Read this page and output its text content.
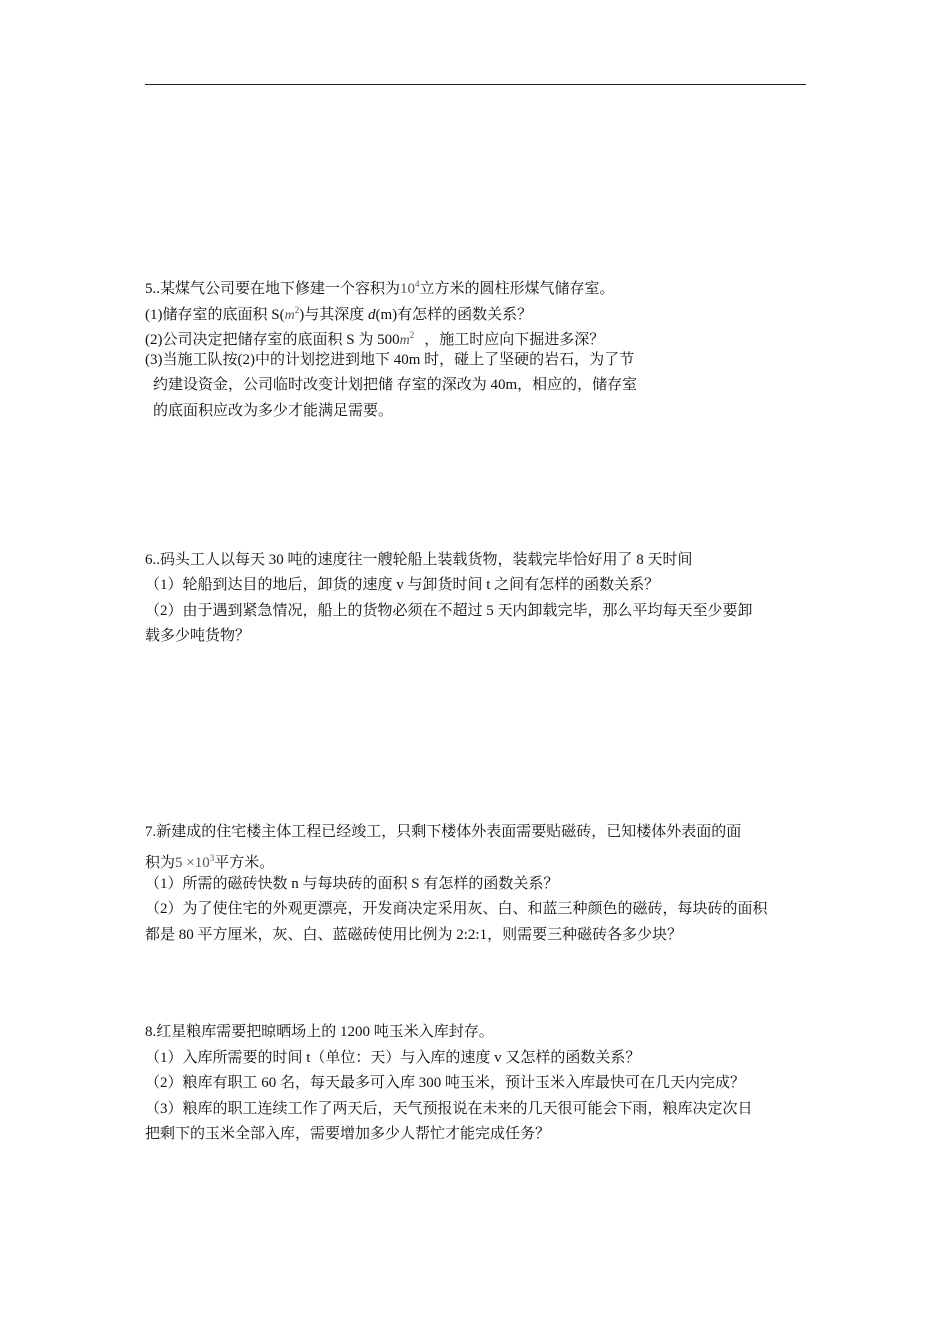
5..某煤气公司要在地下修建一个容积为$10^4$立方米的圆柱形煤气储存室。
(1)储存室的底面积 $S(m^2)$与其深度 d(m)有怎样的函数关系？
(2)公司决定把储存室的底面积 S 为 $500m^2$ ，施工时应向下掘进多深？
(3)当施工队按(2)中的计划挖进到地下 40m 时，碰上了坚硬的岩石，为了节
约建设资金，公司临时改变计划把储 存室的深改为 40m，相应的，储存室
的底面积应改为多少才能满足需要。
6..码头工人以每天 30 吨的速度往一艘轮船上装载货物，装载完毕恰好用了 8 天时间
（1）轮船到达目的地后，卸货的速度 v 与卸货时间 t 之间有怎样的函数关系？
（2）由于遇到紧急情况，船上的货物必须在不超过 5 天内卸载完毕，那么平均每天至少要卸
载多少吨货物？
7.新建成的住宅楼主体工程已经竣工，只剩下楼体外表面需要贴磁砖，已知楼体外表面的面
积为$5 \times 10^3$平方米。
（1）所需的磁砖快数 n 与每块砖的面积 S 有怎样的函数关系？
（2）为了使住宅的外观更漂亮，开发商决定采用灰、白、和蓝三种颜色的磁砖，每块砖的面积
都是 80 平方厘米，灰、白、蓝磁砖使用比例为 2:2:1，则需要三种磁砖各多少块？
8.红星粮库需要把晾晒场上的 1200 吨玉米入库封存。
（1）入库所需要的时间 t（单位：天）与入库的速度 v 又怎样的函数关系？
（2）粮库有职工 60 名，每天最多可入库 300 吨玉米，预计玉米入库最快可在几天内完成？
（3）粮库的职工连续工作了两天后，天气预报说在未来的几天很可能会下雨，粮库决定次日
把剩下的玉米全部入库，需要增加多少人帮忙才能完成任务？
